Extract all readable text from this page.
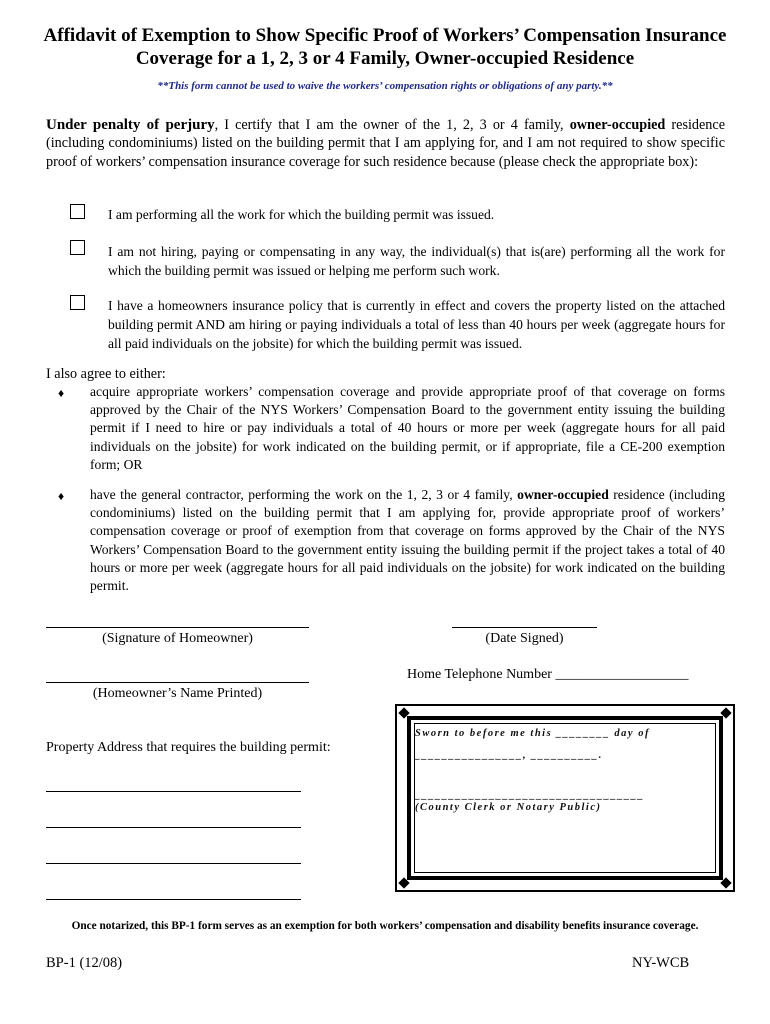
Affidavit of Exemption to Show Specific Proof of Workers’ Compensation Insurance
Coverage for a 1, 2, 3 or 4 Family, Owner-occupied Residence
**This form cannot be used to waive the workers’ compensation rights or obligations of any party.**
Under penalty of perjury, I certify that I am the owner of the 1, 2, 3 or 4 family, owner-occupied residence (including condominiums) listed on the building permit that I am applying for, and I am not required to show specific proof of workers’ compensation insurance coverage for such residence because (please check the appropriate box):
I am performing all the work for which the building permit was issued.
I am not hiring, paying or compensating in any way, the individual(s) that is(are) performing all the work for which the building permit was issued or helping me perform such work.
I have a homeowners insurance policy that is currently in effect and covers the property listed on the attached building permit AND am hiring or paying individuals a total of less than 40 hours per week (aggregate hours for all paid individuals on the jobsite) for which the building permit was issued.
I also agree to either:
♦ acquire appropriate workers’ compensation coverage and provide appropriate proof of that coverage on forms approved by the Chair of the NYS Workers’ Compensation Board to the government entity issuing the building permit if I need to hire or pay individuals a total of 40 hours or more per week (aggregate hours for all paid individuals on the jobsite) for work indicated on the building permit, or if appropriate, file a CE-200 exemption form; OR
♦ have the general contractor, performing the work on the 1, 2, 3 or 4 family, owner-occupied residence (including condominiums) listed on the building permit that I am applying for, provide appropriate proof of workers’ compensation coverage or proof of exemption from that coverage on forms approved by the Chair of the NYS Workers’ Compensation Board to the government entity issuing the building permit if the project takes a total of 40 hours or more per week (aggregate hours for all paid individuals on the jobsite) for work indicated on the building permit.
(Signature of Homeowner)	(Date Signed)
Home Telephone Number ___________________
(Homeowner’s Name Printed)
Property Address that requires the building permit:
Sworn to before me this ________ day of
________________, __________.
__________________________________
(County Clerk or Notary Public)
Once notarized, this BP-1 form serves as an exemption for both workers’ compensation and disability benefits insurance coverage.
BP-1 (12/08)	NY-WCB
